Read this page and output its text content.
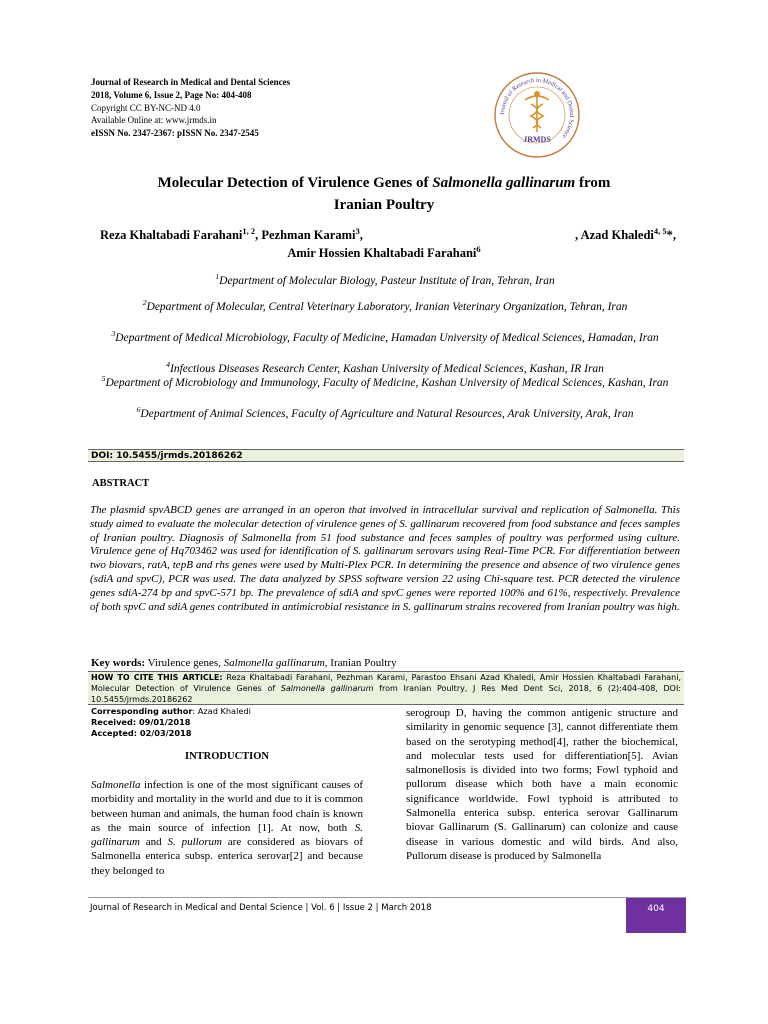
Journal of Research in Medical and Dental Sciences
2018, Volume 6, Issue 2, Page No: 404-408
Copyright CC BY-NC-ND 4.0
Available Online at: www.jrmds.in
eISSN No. 2347-2367: pISSN No. 2347-2545
Journal of Research in Medical and Dental Science
JRMDS
Molecular Detection of Virulence Genes of Salmonella gallinarum from
Iranian Poultry
Reza Khaltabadi Farahani$^{1, 2}$, Pezhman Karami$^3$,	, Azad Khaledi$^{4, 5}$*,
Amir Hossien Khaltabadi Farahani$^6$
$^1$Department of Molecular Biology, Pasteur Institute of Iran, Tehran, Iran
$^2$Department of Molecular, Central Veterinary Laboratory, Iranian Veterinary Organization, Tehran, Iran
$^3$Department of Medical Microbiology, Faculty of Medicine, Hamadan University of Medical Sciences, Hamadan, Iran
$^4$Infectious Diseases Research Center, Kashan University of Medical Sciences, Kashan, IR Iran
$^5$Department of Microbiology and Immunology, Faculty of Medicine, Kashan University of Medical Sciences, Kashan, Iran
$^6$Department of Animal Sciences, Faculty of Agriculture and Natural Resources, Arak University, Arak, Iran
DOI: 10.5455/jrmds.20186262
ABSTRACT
The plasmid spvABCD genes are arranged in an operon that involved in intracellular survival and replication of Salmonella. This study aimed to evaluate the molecular detection of virulence genes of S. gallinarum recovered from food substance and feces samples of Iranian poultry. Diagnosis of Salmonella from 51 food substance and feces samples of poultry was performed using culture. Virulence gene of Hq703462 was used for identification of S. gallinarum serovars using Real-Time PCR. For differentiation between two biovars, ratA, tepB and rhs genes were used by Multi-Plex PCR. In determining the presence and absence of two virulence genes (sdiA and spvC), PCR was used. The data analyzed by SPSS software version 22 using Chi-square test. PCR detected the virulence genes sdiA-274 bp and spvC-571 bp. The prevalence of sdiA and spvC genes were reported 100% and 61%, respectively. Prevalence of both spvC and sdiA genes contributed in antimicrobial resistance in S. gallinarum strains recovered from Iranian poultry was high.
Key words: Virulence genes, Salmonella gallinarum, Iranian Poultry
HOW TO CITE THIS ARTICLE: Reza Khaltabadi Farahani, Pezhman Karami, Parastoo Ehsani Azad Khaledi, Amir Hossien Khaltabadi Farahani, Molecular Detection of Virulence Genes of Salmonella gallinarum from Iranian Poultry, J Res Med Dent Sci, 2018, 6 (2):404-408, DOI: 10.5455/jrmds.20186262
Corresponding author: Azad Khaledi
Received: 09/01/2018
Accepted: 02/03/2018
INTRODUCTION
Salmonella infection is one of the most significant causes of morbidity and mortality in the world and due to it is common between human and animals, the human food chain is known as the main source of infection [1]. At now, both S. gallinarum and S. pullorum are considered as biovars of Salmonella enterica subsp. enterica serovar[2] and because they belonged to
serogroup D, having the common antigenic structure and similarity in genomic sequence [3], cannot differentiate them based on the serotyping method[4], rather the biochemical, and molecular tests used for differentiation[5]. Avian salmonellosis is divided into two forms; Fowl typhoid and pullorum disease which both have a main economic significance worldwide. Fowl typhoid is attributed to Salmonella enterica subsp. enterica serovar Gallinarum biovar Gallinarum (S. Gallinarum) can colonize and cause disease in various domestic and wild birds. And also, Pullorum disease is produced by Salmonella
Journal of Research in Medical and Dental Science | Vol. 6 | Issue 2 | March 2018	404
